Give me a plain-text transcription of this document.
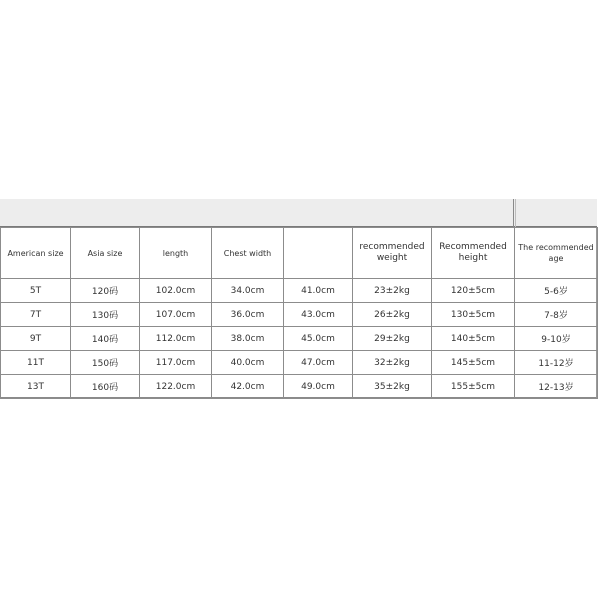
American size	Asia size	length	Chest width		recommended weight	Recommended height	The recommended age
5T	120码	102.0cm	34.0cm	41.0cm	23±2kg	120±5cm	5-6岁
7T	130码	107.0cm	36.0cm	43.0cm	26±2kg	130±5cm	7-8岁
9T	140码	112.0cm	38.0cm	45.0cm	29±2kg	140±5cm	9-10岁
11T	150码	117.0cm	40.0cm	47.0cm	32±2kg	145±5cm	11-12岁
13T	160码	122.0cm	42.0cm	49.0cm	35±2kg	155±5cm	12-13岁
